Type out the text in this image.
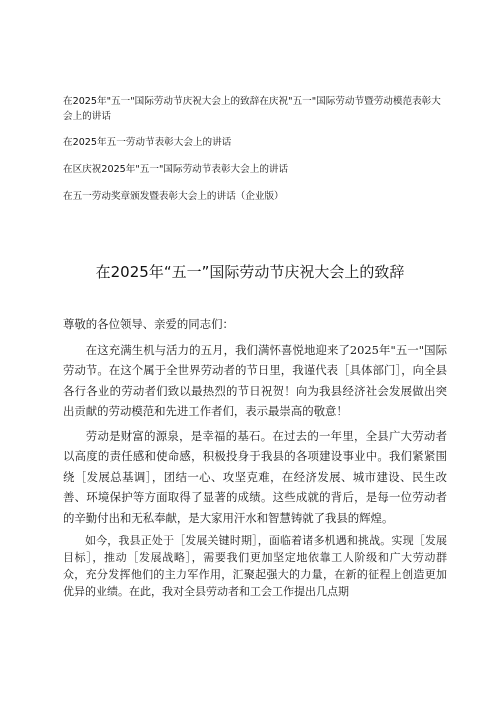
在2025年"五一"国际劳动节庆祝大会上的致辞在庆祝"五一"国际劳动节暨劳动模范表彰大会上的讲话
在2025年五一劳动节表彰大会上的讲话
在区庆祝2025年"五一"国际劳动节表彰大会上的讲话
在五一劳动奖章颁发暨表彰大会上的讲话（企业版）
在2025年“五一”国际劳动节庆祝大会上的致辞

尊敬的各位领导、亲爱的同志们：

在这充满生机与活力的五月，我们满怀喜悦地迎来了2025年"五一"国际劳动节。在这个属于全世界劳动者的节日里，我谨代表［具体部门］，向全县各行各业的劳动者们致以最热烈的节日祝贺！向为我县经济社会发展做出突出贡献的劳动模范和先进工作者们，表示最崇高的敬意！

劳动是财富的源泉，是幸福的基石。在过去的一年里，全县广大劳动者以高度的责任感和使命感，积极投身于我县的各项建设事业中。我们紧紧围绕［发展总基调］，团结一心、攻坚克难，在经济发展、城市建设、民生改善、环境保护等方面取得了显著的成绩。这些成就的背后，是每一位劳动者的辛勤付出和无私奉献，是大家用汗水和智慧铸就了我县的辉煌。

如今，我县正处于［发展关键时期］，面临着诸多机遇和挑战。实现［发展目标］，推动［发展战略］，需要我们更加坚定地依靠工人阶级和广大劳动群众，充分发挥他们的主力军作用，汇聚起强大的力量，在新的征程上创造更加优异的业绩。在此，我对全县劳动者和工会工作提出几点期
